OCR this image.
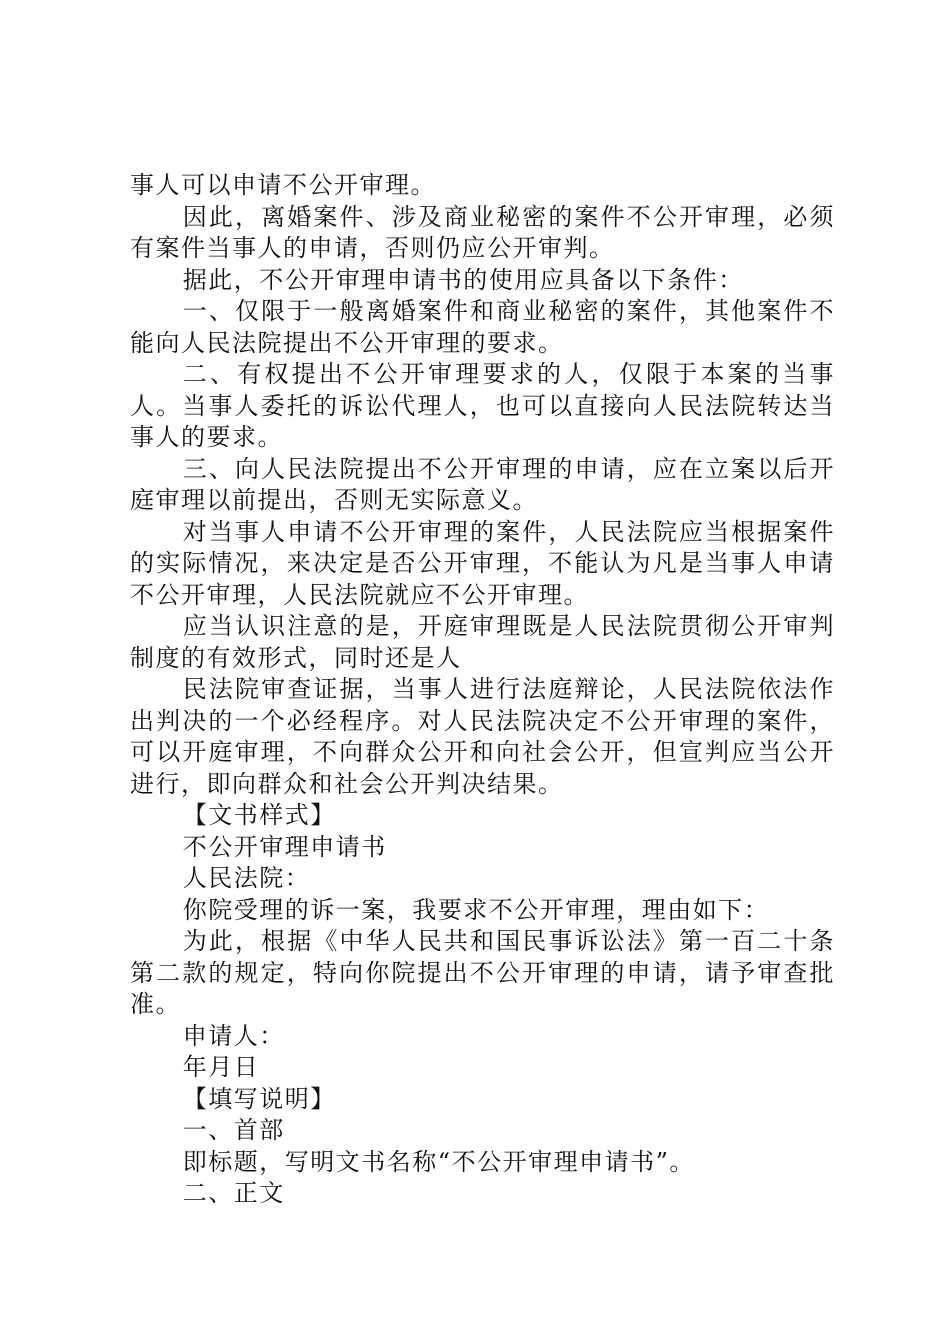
事人可以申请不公开审理。

因此，离婚案件、涉及商业秘密的案件不公开审理，必须有案件当事人的申请，否则仍应公开审判。

据此，不公开审理申请书的使用应具备以下条件：

一、仅限于一般离婚案件和商业秘密的案件，其他案件不能向人民法院提出不公开审理的要求。

二、有权提出不公开审理要求的人，仅限于本案的当事人。当事人委托的诉讼代理人，也可以直接向人民法院转达当事人的要求。

三、向人民法院提出不公开审理的申请，应在立案以后开庭审理以前提出，否则无实际意义。

对当事人申请不公开审理的案件，人民法院应当根据案件的实际情况，来决定是否公开审理，不能认为凡是当事人申请不公开审理，人民法院就应不公开审理。

应当认识注意的是，开庭审理既是人民法院贯彻公开审判制度的有效形式，同时还是人

民法院审查证据，当事人进行法庭辩论，人民法院依法作出判决的一个必经程序。对人民法院决定不公开审理的案件，可以开庭审理，不向群众公开和向社会公开，但宣判应当公开进行，即向群众和社会公开判决结果。

【文书样式】

不公开审理申请书

人民法院：

你院受理的诉一案，我要求不公开审理，理由如下：

为此，根据《中华人民共和国民事诉讼法》第一百二十条第二款的规定，特向你院提出不公开审理的申请，请予审查批准。

申请人：

年月日

【填写说明】

一、首部

即标题，写明文书名称“不公开审理申请书”。

二、正文
